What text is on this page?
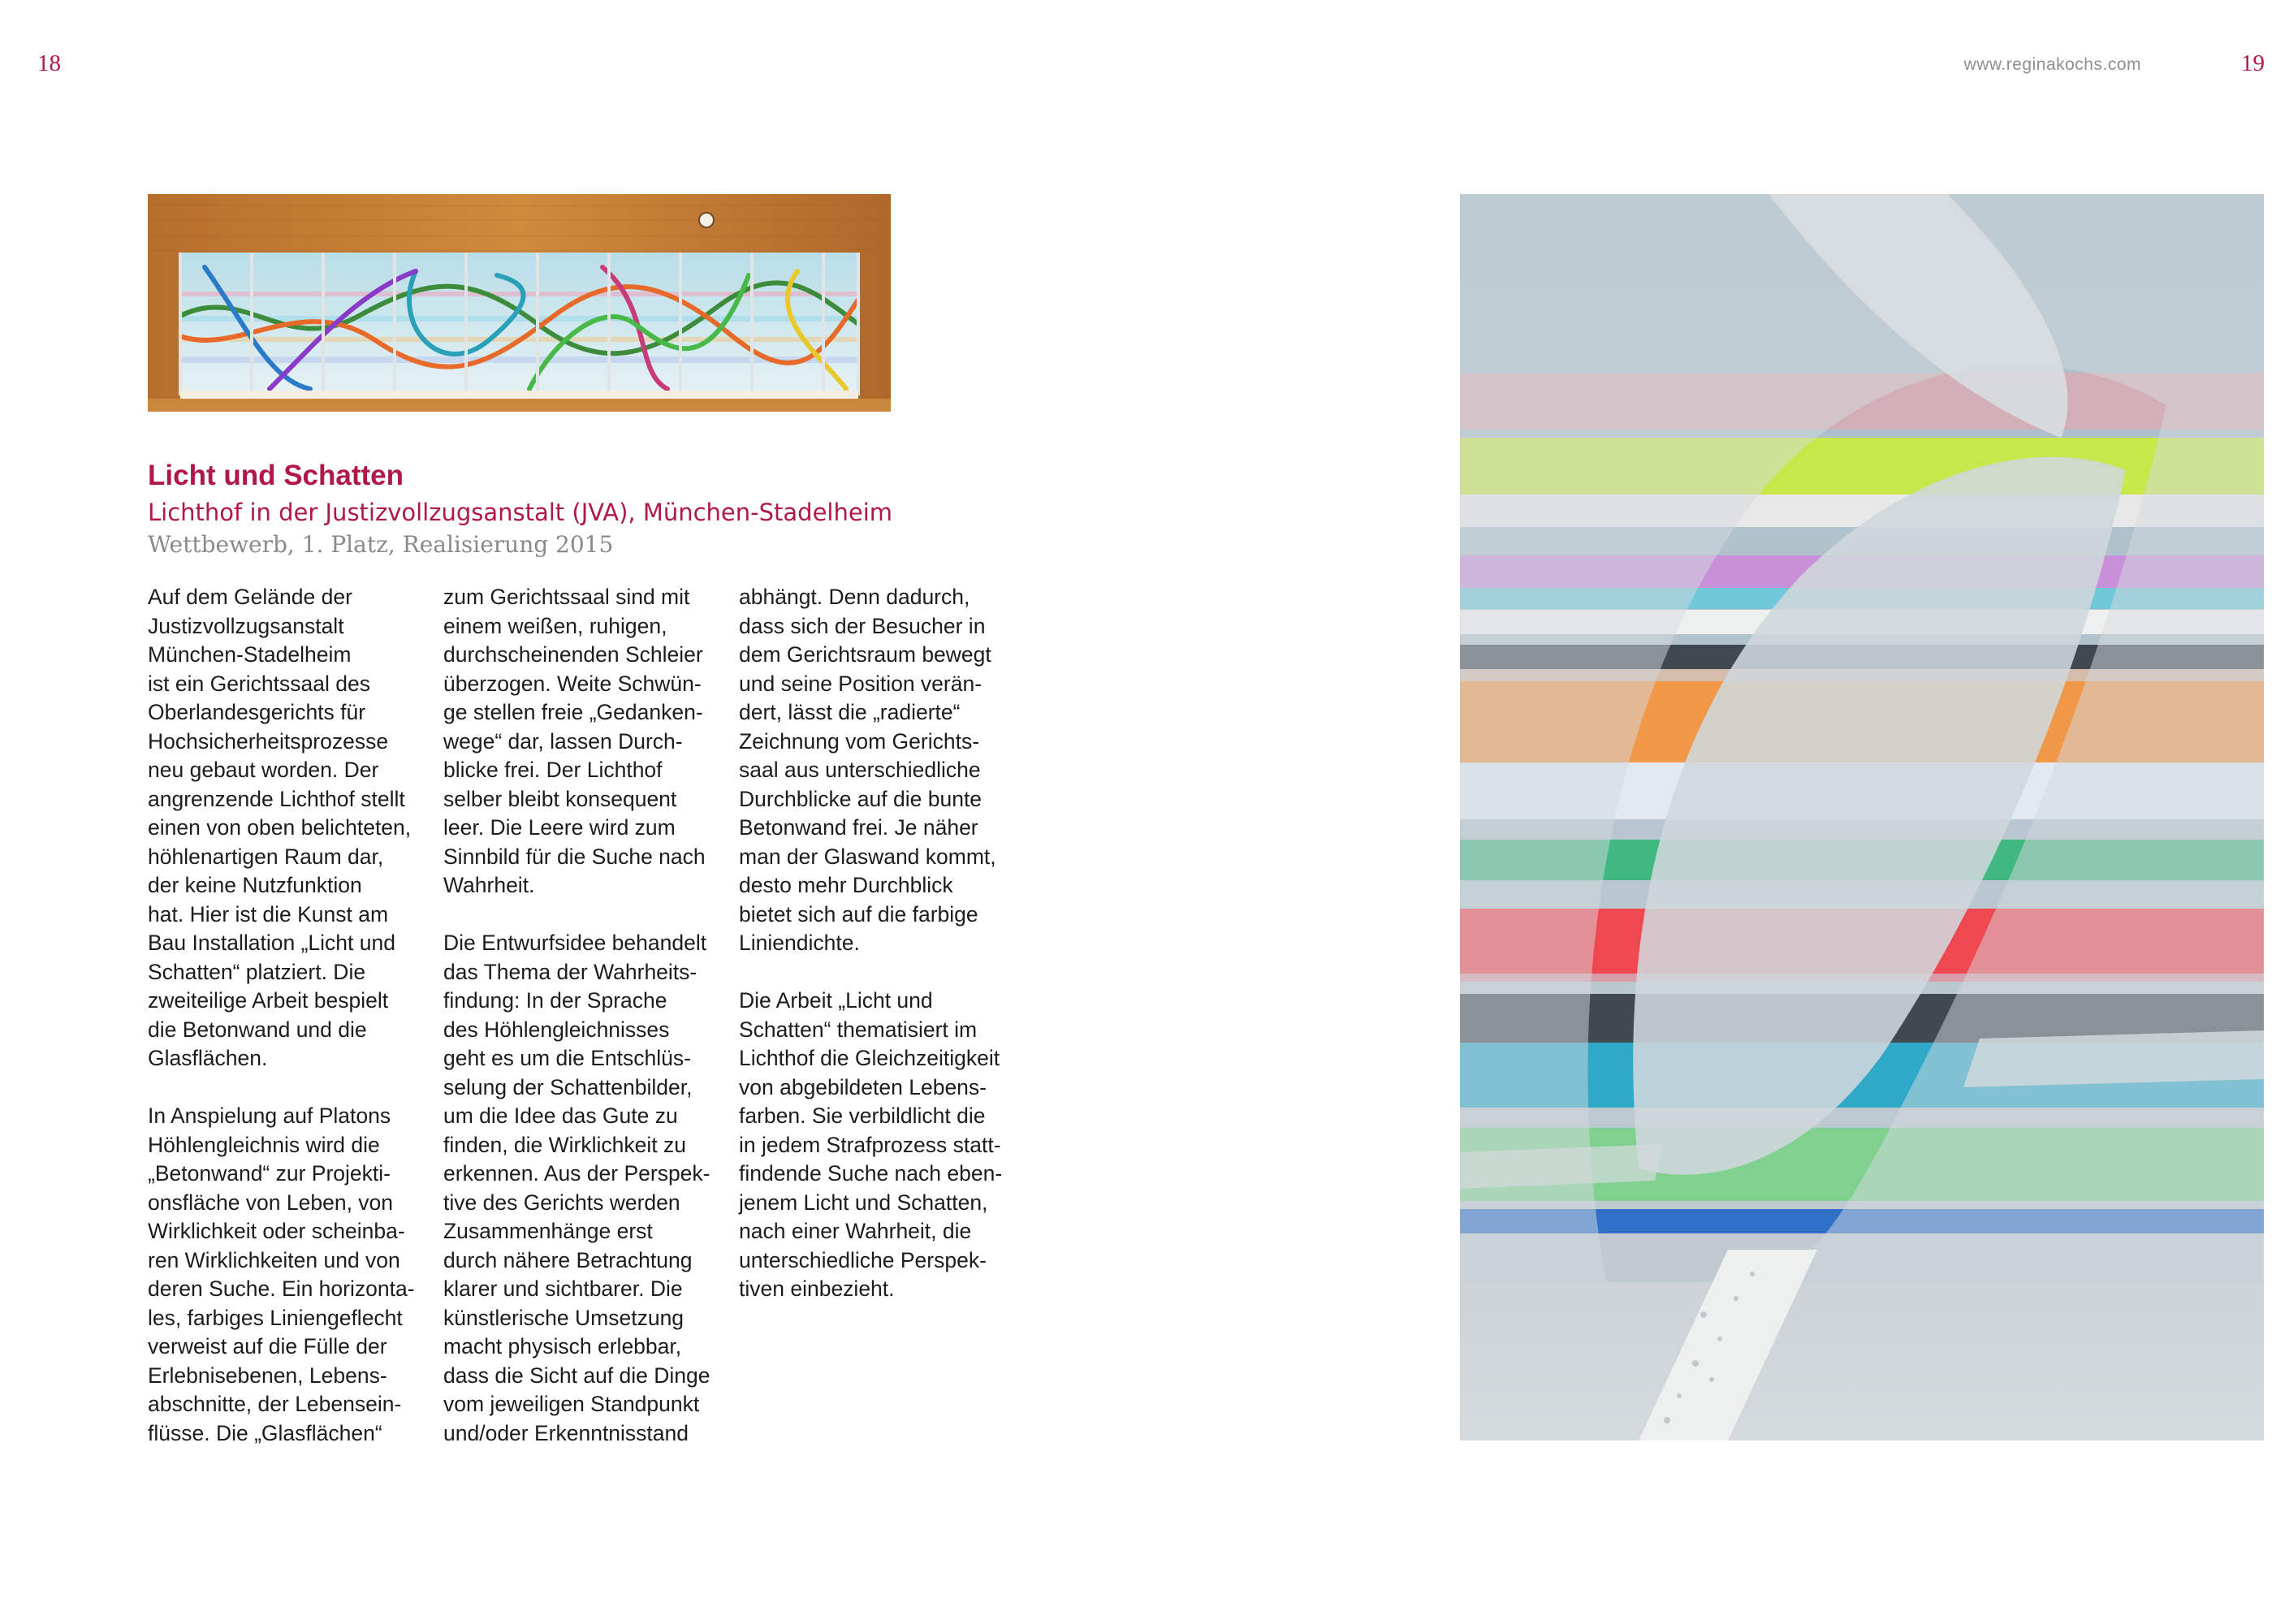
18	www.reginakochs.com	19
Licht und Schatten
Lichthof in der Justizvollzugsanstalt (JVA), München-Stadelheim
Wettbewerb, 1. Platz, Realisierung 2015
Auf dem Gelände der
Justizvollzugsanstalt
München-Stadelheim
ist ein Gerichtssaal des
Oberlandesgerichts für
Hochsicherheitsprozesse
neu gebaut worden. Der
angrenzende Lichthof stellt
einen von oben belichteten,
höhlenartigen Raum dar,
der keine Nutzfunktion
hat. Hier ist die Kunst am
Bau Installation „Licht und
Schatten“ platziert. Die
zweiteilige Arbeit bespielt
die Betonwand und die
Glasflächen.
In Anspielung auf Platons
Höhlengleichnis wird die
„Betonwand“ zur Projekti-
onsfläche von Leben, von
Wirklichkeit oder scheinba-
ren Wirklichkeiten und von
deren Suche. Ein horizonta-
les, farbiges Liniengeflecht
verweist auf die Fülle der
Erlebnisebenen, Lebens-
abschnitte, der Lebensein-
flüsse. Die „Glasflächen“
zum Gerichtssaal sind mit
einem weißen, ruhigen,
durchscheinenden Schleier
überzogen. Weite Schwün-
ge stellen freie „Gedanken-
wege“ dar, lassen Durch-
blicke frei. Der Lichthof
selber bleibt konsequent
leer. Die Leere wird zum
Sinnbild für die Suche nach
Wahrheit.
Die Entwurfsidee behandelt
das Thema der Wahrheits-
findung: In der Sprache
des Höhlengleichnisses
geht es um die Entschlüs-
selung der Schattenbilder,
um die Idee das Gute zu
finden, die Wirklichkeit zu
erkennen. Aus der Perspek-
tive des Gerichts werden
Zusammenhänge erst
durch nähere Betrachtung
klarer und sichtbarer. Die
künstlerische Umsetzung
macht physisch erlebbar,
dass die Sicht auf die Dinge
vom jeweiligen Standpunkt
und/oder Erkenntnisstand
abhängt. Denn dadurch,
dass sich der Besucher in
dem Gerichtsraum bewegt
und seine Position verän-
dert, lässt die „radierte“
Zeichnung vom Gerichts-
saal aus unterschiedliche
Durchblicke auf die bunte
Betonwand frei. Je näher
man der Glaswand kommt,
desto mehr Durchblick
bietet sich auf die farbige
Liniendichte.
Die Arbeit „Licht und
Schatten“ thematisiert im
Lichthof die Gleichzeitigkeit
von abgebildeten Lebens-
farben. Sie verbildlicht die
in jedem Strafprozess statt-
findende Suche nach eben-
jenem Licht und Schatten,
nach einer Wahrheit, die
unterschiedliche Perspek-
tiven einbezieht.
